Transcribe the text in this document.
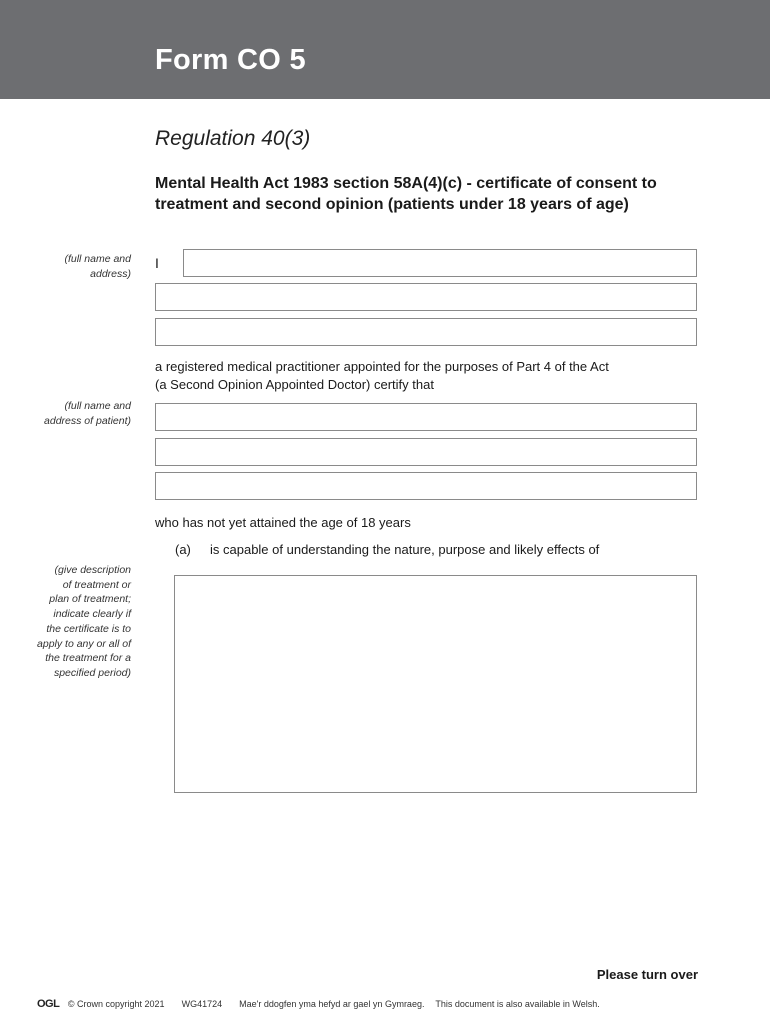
Form CO 5
Regulation 40(3)
Mental Health Act 1983 section 58A(4)(c) - certificate of consent to treatment and second opinion (patients under 18 years of age)
(full name and
address)
I
a registered medical practitioner appointed for the purposes of Part 4 of the Act
(a Second Opinion Appointed Doctor) certify that
(full name and
address of patient)
who has not yet attained the age of 18 years
(a) is capable of understanding the nature, purpose and likely effects of
(give description
of treatment or
plan of treatment;
indicate clearly if
the certificate is to
apply to any or all of
the treatment for a
specified period)
Please turn over
OGL © Crown copyright 2021 WG41724 Mae'r ddogfen yma hefyd ar gael yn Gymraeg. This document is also available in Welsh.
